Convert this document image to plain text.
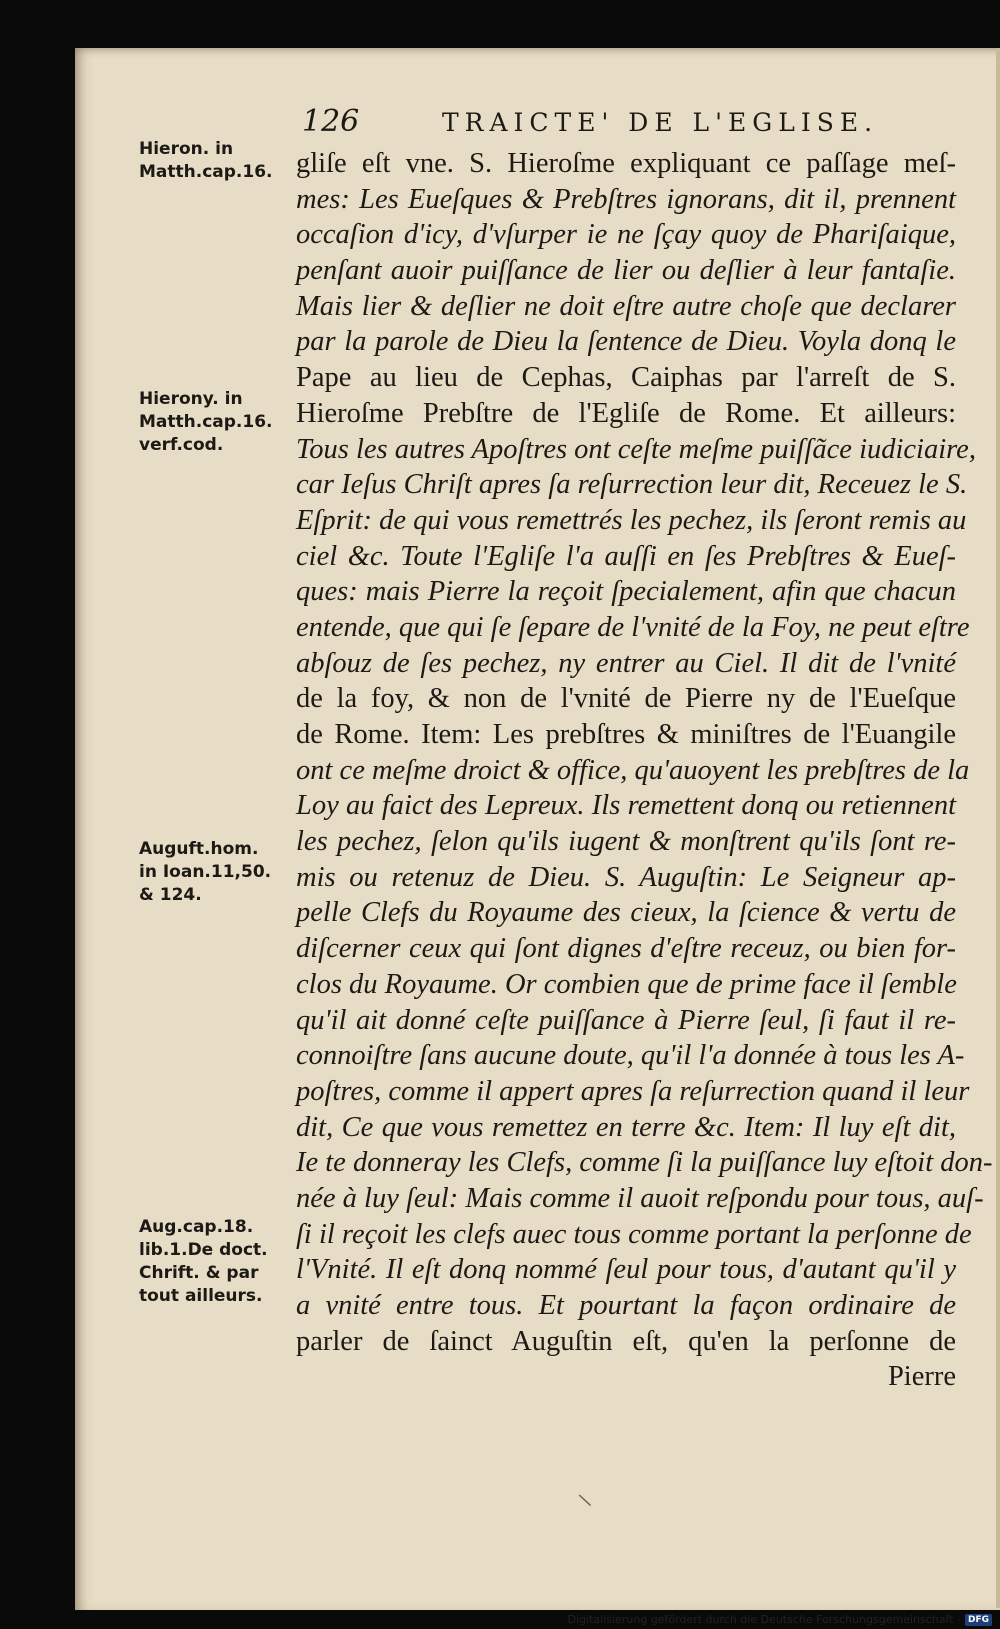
126	TRAICTE' DE L'EGLISE.
Hieron. in
Matth.cap.16.
Hierony. in
Matth.cap.16.
verf.cod.
Auguft.hom.
in Ioan.11,50.
& 124.
Aug.cap.18.
lib.1.De doct.
Chrift. & par
tout ailleurs.
gliſe eſt vne. S. Hieroſme expliquant ce paſſage meſ-
mes: Les Eueſques & Prebſtres ignorans, dit il, prennent
occaſion d'icy, d'vſurper ie ne ſçay quoy de Phariſaique,
penſant auoir puiſſance de lier ou deſlier à leur fantaſie.
Mais lier & deſlier ne doit eſtre autre choſe que declarer
par la parole de Dieu la ſentence de Dieu. Voyla donq le
Pape au lieu de Cephas, Caiphas par l'arreſt de S.
Hieroſme Prebſtre de l'Egliſe de Rome. Et ailleurs:
Tous les autres Apoſtres ont ceſte meſme puiſſãce iudiciaire,
car Ieſus Chriſt apres ſa reſurrection leur dit, Receuez le S.
Eſprit: de qui vous remettrés les pechez, ils ſeront remis au
ciel &c. Toute l'Egliſe l'a auſſi en ſes Prebſtres & Eueſ-
ques: mais Pierre la reçoit ſpecialement, afin que chacun
entende, que qui ſe ſepare de l'vnité de la Foy, ne peut eſtre
abſouz de ſes pechez, ny entrer au Ciel. Il dit de l'vnité
de la foy, & non de l'vnité de Pierre ny de l'Eueſque
de Rome. Item: Les prebſtres & miniſtres de l'Euangile
ont ce meſme droict & office, qu'auoyent les prebſtres de la
Loy au faict des Lepreux. Ils remettent donq ou retiennent
les pechez, ſelon qu'ils iugent & monſtrent qu'ils ſont re-
mis ou retenuz de Dieu. S. Auguſtin: Le Seigneur ap-
pelle Clefs du Royaume des cieux, la ſcience & vertu de
diſcerner ceux qui ſont dignes d'eſtre receuz, ou bien for-
clos du Royaume. Or combien que de prime face il ſemble
qu'il ait donné ceſte puiſſance à Pierre ſeul, ſi faut il re-
connoiſtre ſans aucune doute, qu'il l'a donnée à tous les A-
poſtres, comme il appert apres ſa reſurrection quand il leur
dit, Ce que vous remettez en terre &c. Item: Il luy eſt dit,
Ie te donneray les Clefs, comme ſi la puiſſance luy eſtoit don-
née à luy ſeul: Mais comme il auoit reſpondu pour tous, auſ-
ſi il reçoit les clefs auec tous comme portant la perſonne de
l'Vnité. Il eſt donq nommé ſeul pour tous, d'autant qu'il y
a vnité entre tous. Et pourtant la façon ordinaire de
parler de ſainct Auguſtin eſt, qu'en la perſonne de
Pierre
\
Digitalisierung gefördert durch die Deutsche Forschungsgemeinschaft · DFG
